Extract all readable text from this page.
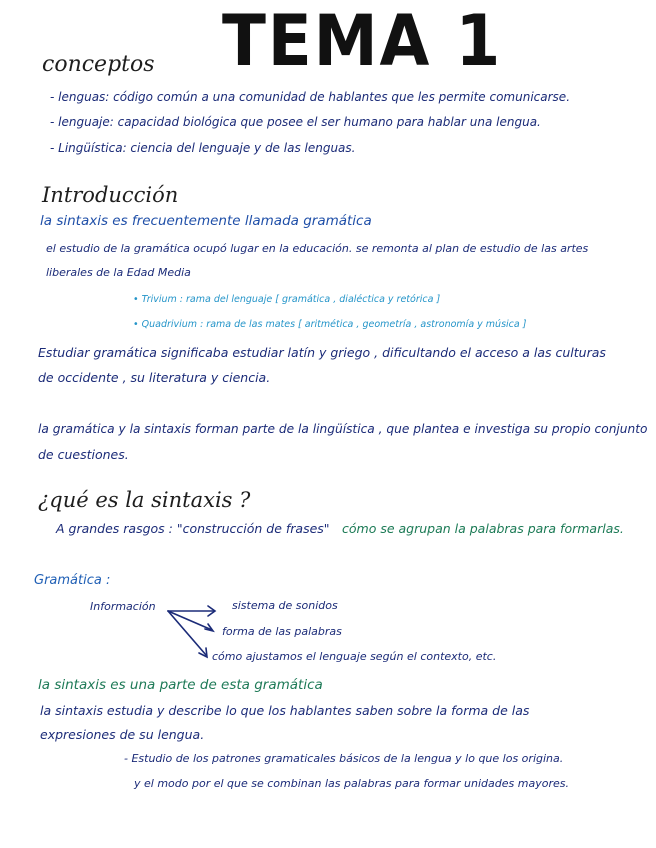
TEMA 1
conceptos
- lenguas: código común a una comunidad de hablantes que les permite comunicarse.
- lenguaje: capacidad biológica que posee el ser humano para hablar una lengua.
- Lingüística: ciencia del lenguaje y de las lenguas.
Introducción
la sintaxis es frecuentemente llamada gramática
el estudio de la gramática ocupó lugar en la educación. se remonta al plan de estudio de las artes
liberales de la Edad Media
• Trivium : rama del lenguaje [ gramática , dialéctica y retórica ]
• Quadrivium : rama de las mates [ aritmética , geometría , astronomía y música ]
Estudiar gramática significaba estudiar latín y griego , dificultando el acceso a las culturas
de occidente , su literatura y ciencia.
la gramática y la sintaxis forman parte de la lingüística , que plantea e investiga su propio conjunto
de cuestiones.
¿qué es la sintaxis ?
A grandes rasgos : "construcción de frases" cómo se agrupan la palabras para formarlas.
Gramática :
Información	sistema de sonidos
forma de las palabras
cómo ajustamos el lenguaje según el contexto, etc.
la sintaxis es una parte de esta gramática
la sintaxis estudia y describe lo que los hablantes saben sobre la forma de las
expresiones de su lengua.
- Estudio de los patrones gramaticales básicos de la lengua y lo que los origina.
y el modo por el que se combinan las palabras para formar unidades mayores.
